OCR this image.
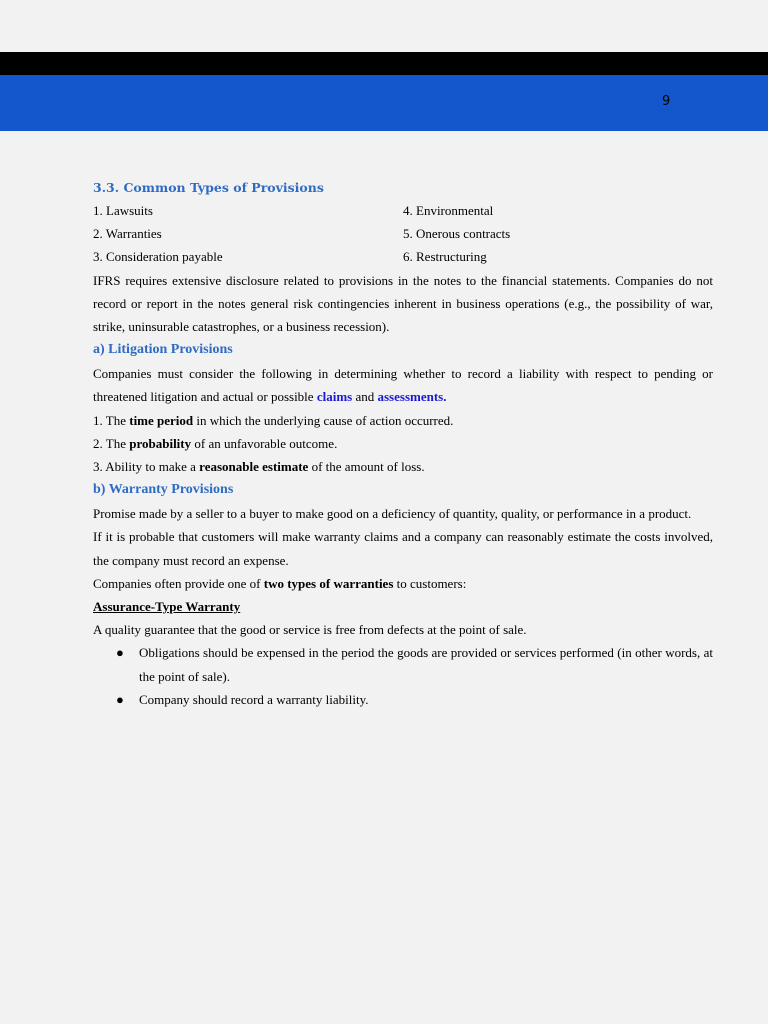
9
3.3. Common Types of Provisions
1. Lawsuits
2. Warranties
3. Consideration payable
4. Environmental
5. Onerous contracts
6. Restructuring

IFRS requires extensive disclosure related to provisions in the notes to the financial statements. Companies do not record or report in the notes general risk contingencies inherent in business operations (e.g., the possibility of war, strike, uninsurable catastrophes, or a business recession).

a) Litigation Provisions

Companies must consider the following in determining whether to record a liability with respect to pending or threatened litigation and actual or possible claims and assessments.

1. The time period in which the underlying cause of action occurred.

2. The probability of an unfavorable outcome.

3. Ability to make a reasonable estimate of the amount of loss.

b) Warranty Provisions

Promise made by a seller to a buyer to make good on a deficiency of quantity, quality, or performance in a product.

If it is probable that customers will make warranty claims and a company can reasonably estimate the costs involved, the company must record an expense.

Companies often provide one of two types of warranties to customers:

Assurance-Type Warranty

A quality guarantee that the good or service is free from defects at the point of sale.

● Obligations should be expensed in the period the goods are provided or services performed (in other words, at the point of sale).
● Company should record a warranty liability.
